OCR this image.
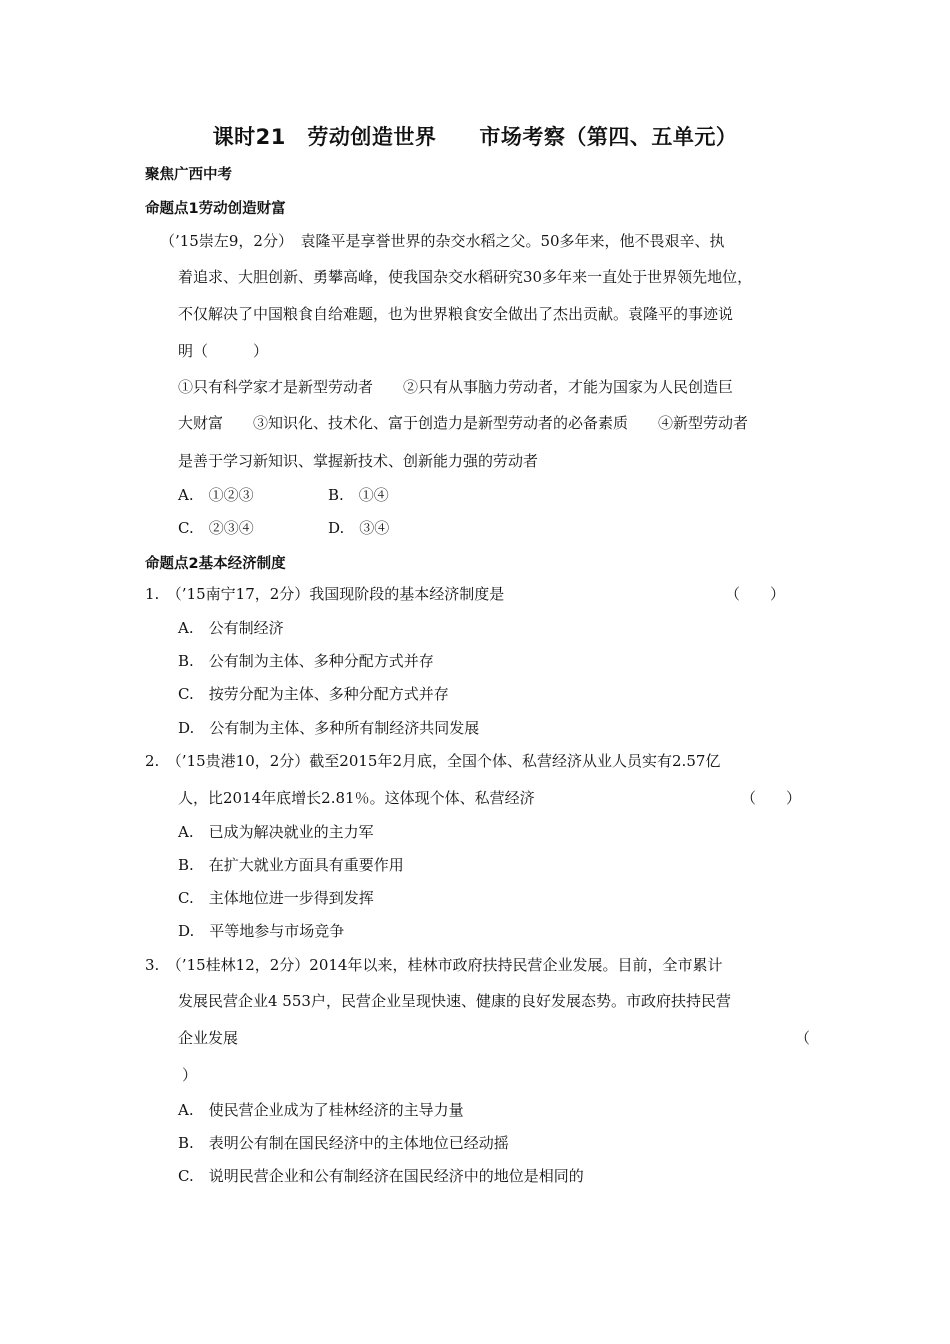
课时21　劳动创造世界　　市场考察（第四、五单元）
聚焦广西中考
命题点1劳动创造财富
（’15崇左9，2分）　袁隆平是享誉世界的杂交水稻之父。50多年来，他不畏艰辛、执
着追求、大胆创新、勇攀高峰，使我国杂交水稻研究30多年来一直处于世界领先地位，
不仅解决了中国粮食自给难题，也为世界粮食安全做出了杰出贡献。袁隆平的事迹说
明（　　　）
①只有科学家才是新型劳动者　　②只有从事脑力劳动者，才能为国家为人民创造巨
大财富　　③知识化、技术化、富于创造力是新型劳动者的必备素质　　④新型劳动者
是善于学习新知识、掌握新技术、创新能力强的劳动者
A.　①②③	B.　①④
C.　②③④	D.　③④
命题点2基本经济制度
1.　（’15南宁17，2分）我国现阶段的基本经济制度是	（　　）
A.　公有制经济
B.　公有制为主体、多种分配方式并存
C.　按劳分配为主体、多种分配方式并存
D.　公有制为主体、多种所有制经济共同发展
2.　（’15贵港10，2分）截至2015年2月底，全国个体、私营经济从业人员实有2.57亿
人，比2014年底增长2.81％。这体现个体、私营经济	（　　）
A.　已成为解决就业的主力军
B.　在扩大就业方面具有重要作用
C.　主体地位进一步得到发挥
D.　平等地参与市场竞争
3.　（’15桂林12，2分）2014年以来，桂林市政府扶持民营企业发展。目前，全市累计
发展民营企业4 553户，民营企业呈现快速、健康的良好发展态势。市政府扶持民营
企业发展	（
）
A.　使民营企业成为了桂林经济的主导力量
B.　表明公有制在国民经济中的主体地位已经动摇
C.　说明民营企业和公有制经济在国民经济中的地位是相同的
